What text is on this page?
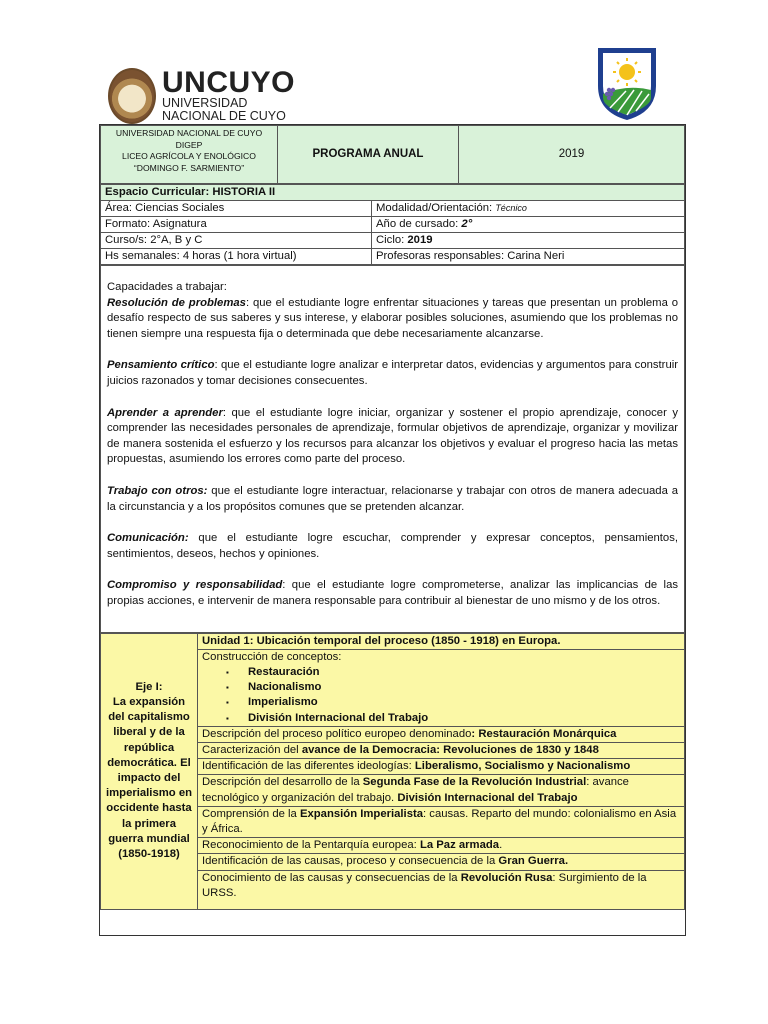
UNCUYO
UNIVERSIDAD
NACIONAL DE CUYO
UNIVERSIDAD NACIONAL DE CUYO
DIGEP
LICEO AGRÍCOLA Y ENOLÓGICO
“DOMINGO F. SARMIENTO”
	PROGRAMA ANUAL	2019
Espacio Curricular: HISTORIA II	
Área: Ciencias Sociales	Modalidad/Orientación: Técnico
Formato: Asignatura	Año de cursado: 2°
Curso/s: 2°A, B y C	Ciclo: 2019
Hs semanales: 4 horas (1 hora virtual)	Profesoras responsables: Carina Neri

Capacidades a trabajar:

Resolución de problemas: que el estudiante logre enfrentar situaciones y tareas que presentan un problema o desafío respecto de sus saberes y sus interese, y elaborar posibles soluciones, asumiendo que los problemas no tienen siempre una respuesta fija o determinada que debe necesariamente alcanzarse.

Pensamiento crítico: que el estudiante logre analizar e interpretar datos, evidencias y argumentos para construir juicios razonados y tomar decisiones consecuentes.

Aprender a aprender: que el estudiante logre iniciar, organizar y sostener el propio aprendizaje, conocer y comprender las necesidades personales de aprendizaje, formular objetivos de aprendizaje, organizar y movilizar de manera sostenida el esfuerzo y los recursos para alcanzar los objetivos y evaluar el progreso hacia las metas propuestas, asumiendo los errores como parte del proceso.

Trabajo con otros: que el estudiante logre interactuar, relacionarse y trabajar con otros de manera adecuada a la circunstancia y a los propósitos comunes que se pretenden alcanzar.

Comunicación: que el estudiante logre escuchar, comprender y expresar conceptos, pensamientos, sentimientos, deseos, hechos y opiniones.

Compromiso y responsabilidad: que el estudiante logre comprometerse, analizar las implicancias de las propias acciones, e intervenir de manera responsable para contribuir al bienestar de uno mismo y de los otros.

Eje I:
La expansión del capitalismo liberal y de la república democrática. El impacto del imperialismo en occidente hasta la primera guerra mundial (1850-1918)
	Unidad 1: Ubicación temporal del proceso (1850 - 1918) en Europa.

Construcción de conceptos:
▪ Restauración
▪ Nacionalismo
▪ Imperialismo
▪ División Internacional del Trabajo

Descripción del proceso político europeo denominado: Restauración Monárquica
Caracterización del avance de la Democracia: Revoluciones de 1830 y 1848
Identificación de las diferentes ideologías: Liberalismo, Socialismo y Nacionalismo
Descripción del desarrollo de la Segunda Fase de la Revolución Industrial: avance tecnológico y organización del trabajo. División Internacional del Trabajo
Comprensión de la Expansión Imperialista: causas. Reparto del mundo: colonialismo en Asia y África.
Reconocimiento de la Pentarquía europea: La Paz armada.
Identificación de las causas, proceso y consecuencia de la Gran Guerra.
Conocimiento de las causas y consecuencias de la Revolución Rusa: Surgimiento de la URSS.
